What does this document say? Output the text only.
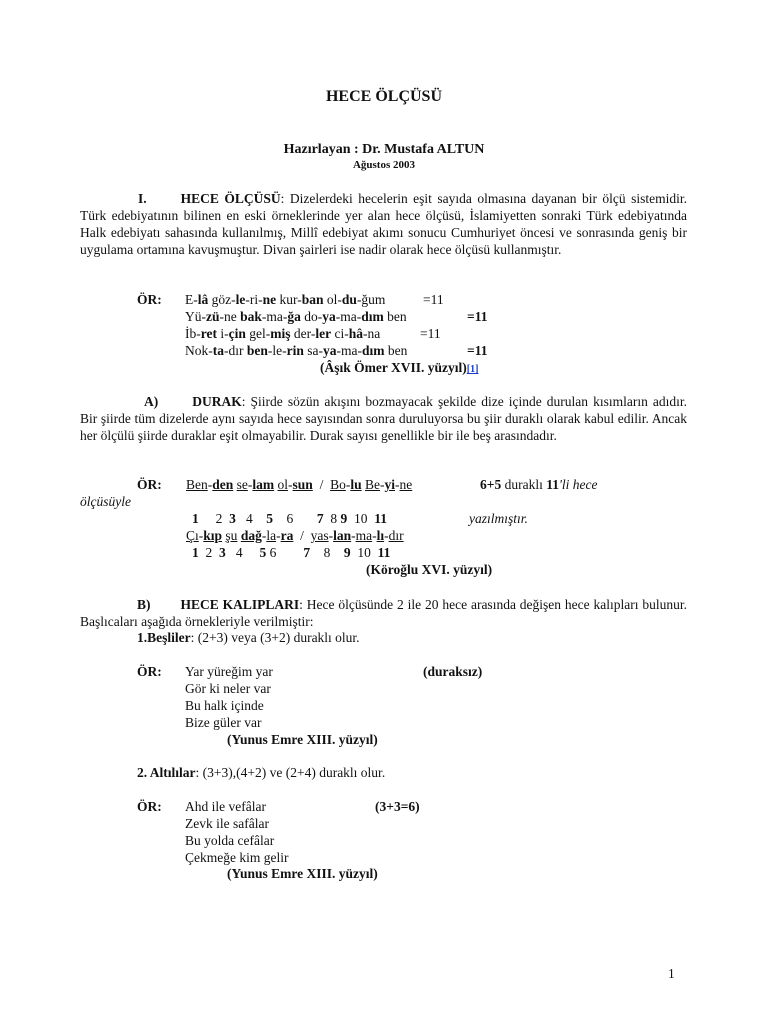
HECE ÖLÇÜSÜ
Hazırlayan : Dr. Mustafa ALTUN
Ağustos 2003
I.	HECE ÖLÇÜSÜ: Dizelerdeki hecelerin eşit sayıda olmasına dayanan bir ölçü sistemidir. Türk edebiyatının bilinen en eski örneklerinde yer alan hece ölçüsü, İslamiyetten sonraki Türk edebiyatında Halk edebiyatı sahasında kullanılmış, Millî edebiyat akımı sonucu Cumhuriyet öncesi ve sonrasında geniş bir uygulama ortamına kavuşmuştur. Divan şairleri ise nadir olarak hece ölçüsü kullanmıştır.
ÖR: E-lâ göz-le-ri-ne kur-ban ol-du-ğum	=11
Yü-zü-ne bak-ma-ğa do-ya-ma-dım ben	=11
İb-ret i-çin gel-miş der-ler ci-hâ-na	=11
Nok-ta-dır ben-le-rin sa-ya-ma-dım ben	=11
(Âşık Ömer XVII. yüzyıl)[1]
A)	DURAK: Şiirde sözün akışını bozmayacak şekilde dize içinde durulan kısımların adıdır. Bir şiirde tüm dizelerde aynı sayıda hece sayısından sonra duruluyorsa bu şiir duraklı olarak kabul edilir. Ancak her ölçülü şiirde duraklar eşit olmayabilir. Durak sayısı genellikle bir ile beş arasındadır.
ÖR: Ben-den se-lam ol-sun  /  Bo-lu Be-yi-ne	6+5 duraklı 11'li hece
ölçüsüyle
1     2  3   4    5    6       7  8 9  10  11	yazılmıştır.
Çı-kıp şu dağ-la-ra  /  yas-lan-ma-lı-dır
1  2  3   4     5 6        7    8    9  10  11
(Köroğlu XVI. yüzyıl)
B) HECE KALIPLARI: Hece ölçüsünde 2 ile 20 hece arasında değişen hece kalıpları bulunur. Başlıcaları aşağıda örnekleriyle verilmiştir:
1.Beşliler: (2+3) veya (3+2) duraklı olur.
ÖR: Yar yüreğim yar	(duraksız)
Gör ki neler var
Bu halk içinde
Bize güler var
(Yunus Emre XIII. yüzyıl)
2. Altılılar: (3+3),(4+2) ve (2+4) duraklı olur.
ÖR: Ahd ile vefâlar	(3+3=6)
Zevk ile safâlar
Bu yolda cefâlar
Çekmeğe kim gelir
(Yunus Emre XIII. yüzyıl)
1
